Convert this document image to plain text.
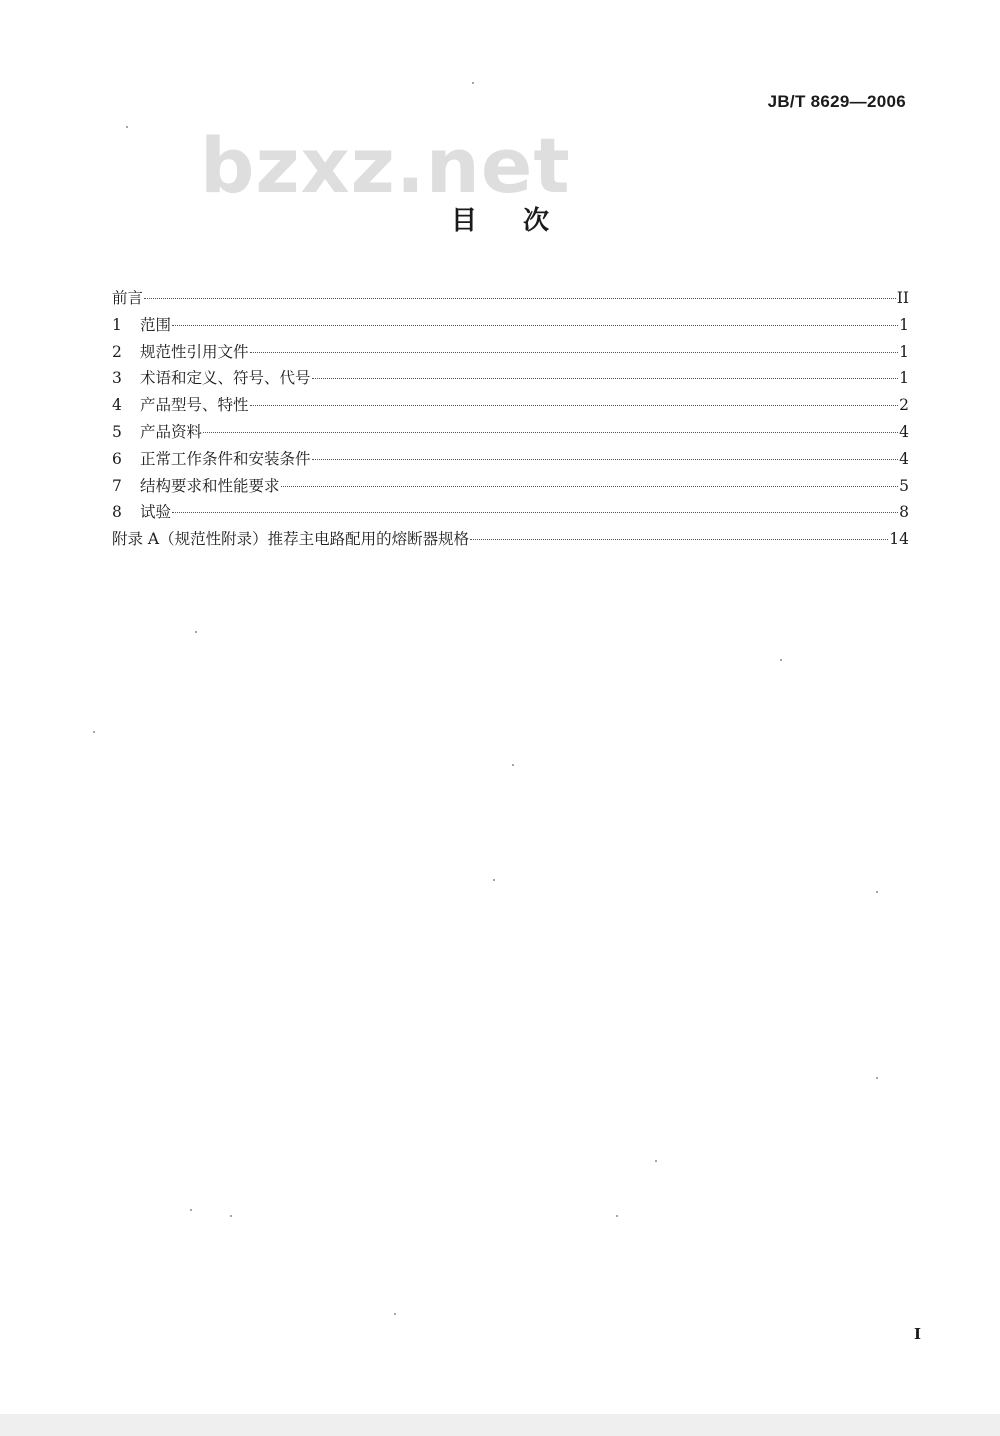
JB/T 8629—2006
bzxz.net
目次
前言	II
1	范围	1
2	规范性引用文件	1
3	术语和定义、符号、代号	1
4	产品型号、特性	2
5	产品资料	4
6	正常工作条件和安装条件	4
7	结构要求和性能要求	5
8	试验	8
附录 A（规范性附录）推荐主电路配用的熔断器规格	14
I
